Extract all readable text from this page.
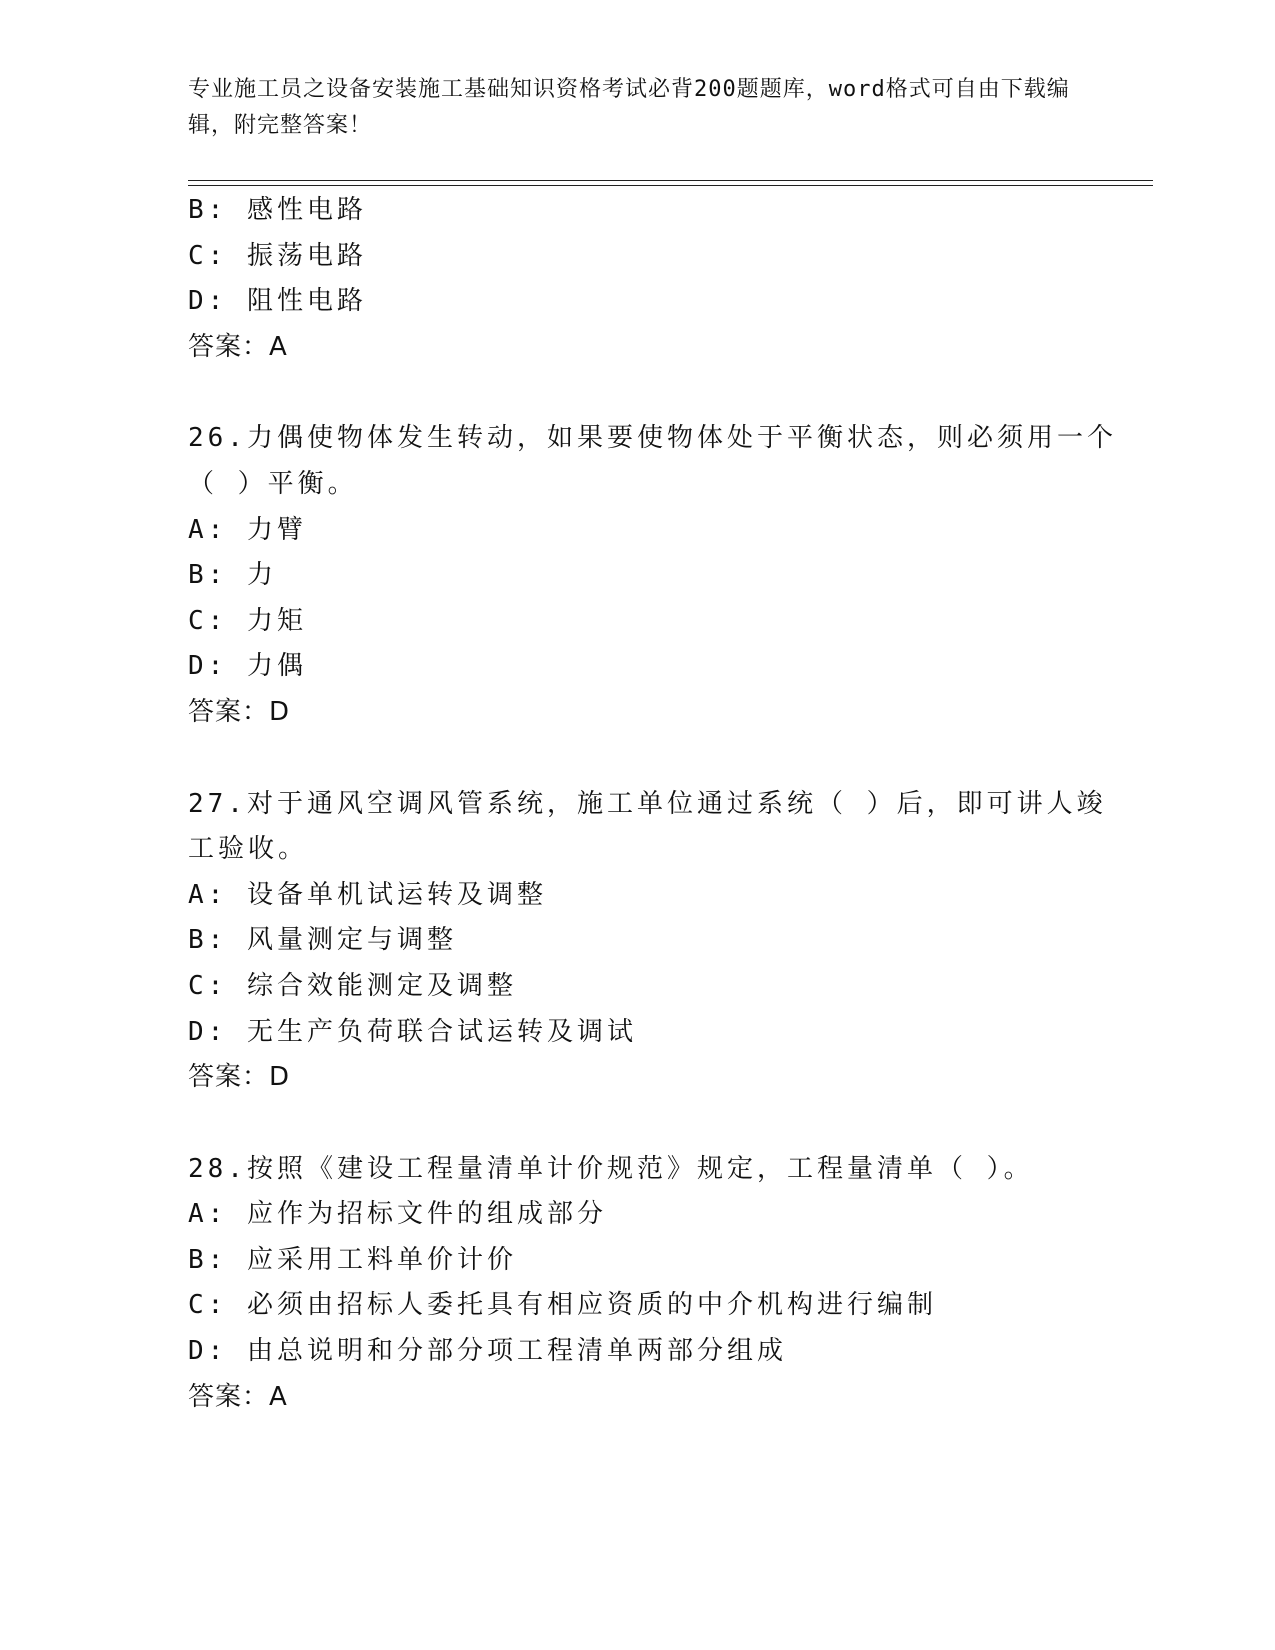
专业施工员之设备安装施工基础知识资格考试必背200题题库，word格式可自由下载编辑，附完整答案！
B: 感性电路
C: 振荡电路
D: 阻性电路
答案：A
26.力偶使物体发生转动，如果要使物体处于平衡状态，则必须用一个（ ）平衡。
A: 力臂
B: 力
C: 力矩
D: 力偶
答案：D
27.对于通风空调风管系统，施工单位通过系统（ ）后，即可讲人竣工验收。
A: 设备单机试运转及调整
B: 风量测定与调整
C: 综合效能测定及调整
D: 无生产负荷联合试运转及调试
答案：D
28.按照《建设工程量清单计价规范》规定，工程量清单（ ）。
A: 应作为招标文件的组成部分
B: 应采用工料单价计价
C: 必须由招标人委托具有相应资质的中介机构进行编制
D: 由总说明和分部分项工程清单两部分组成
答案：A
